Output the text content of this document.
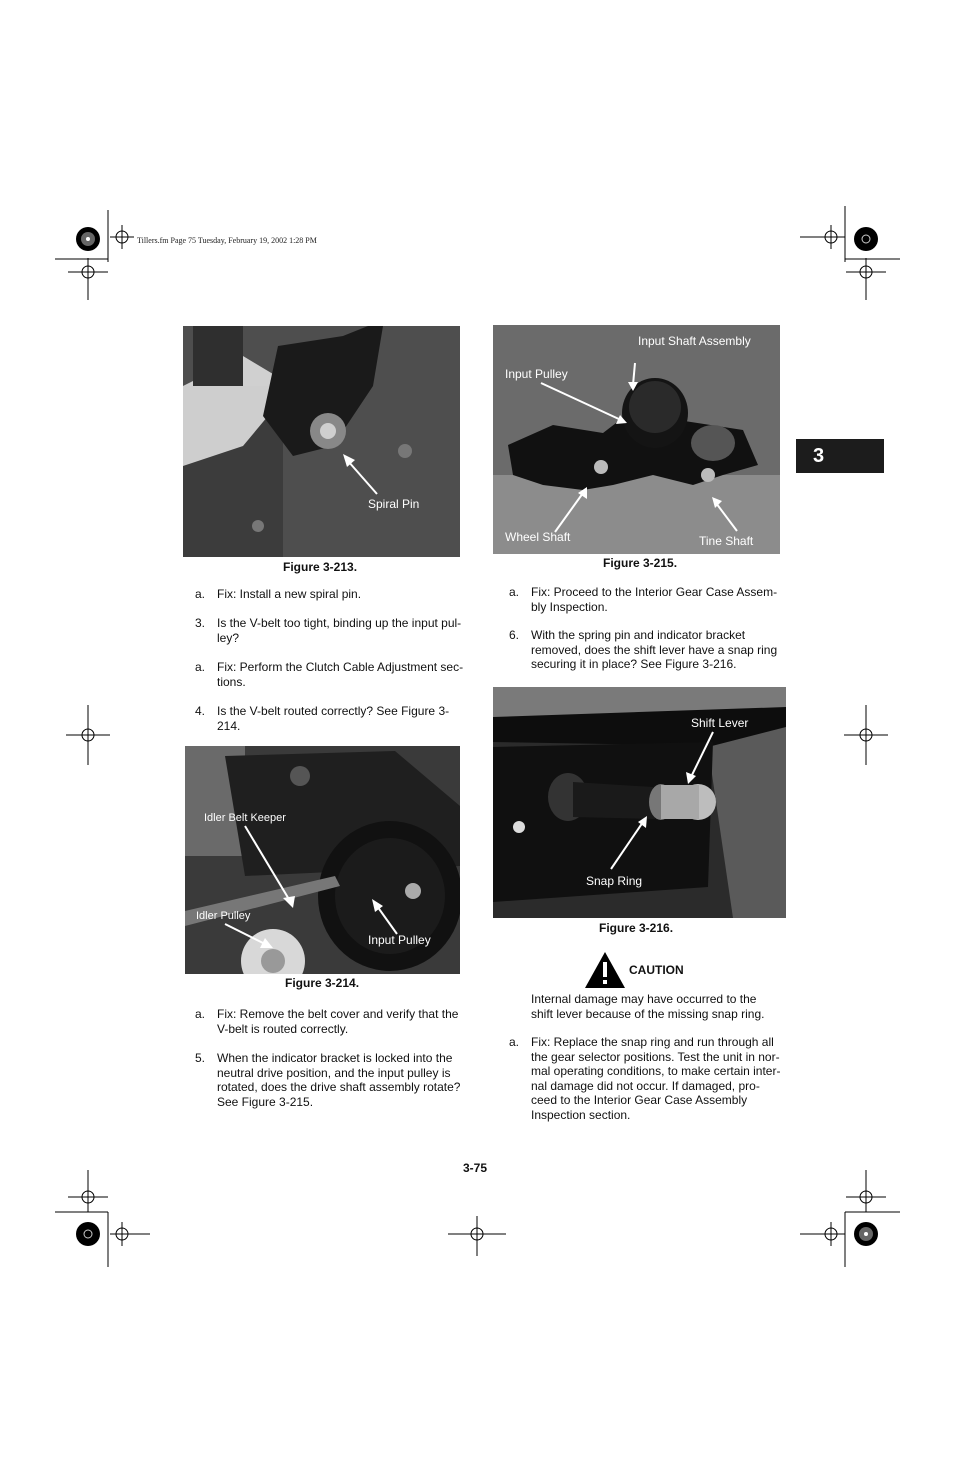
Tillers.fm Page 75 Tuesday, February 19, 2002 1:28 PM
3
Spiral Pin
Figure 3-213.
Idler Belt Keeper
Idler Pulley
Input Pulley
Figure 3-214.
Input Shaft Assembly
Input Pulley
Wheel Shaft	Tine Shaft
Figure 3-215.
Shift Lever
Snap Ring
Figure 3-216.
a. Fix: Install a new spiral pin.
3. Is the V-belt too tight, binding up the input pul-
ley?
a. Fix: Perform the Clutch Cable Adjustment sec-
tions.
4. Is the V-belt routed correctly? See Figure 3-
214.
a. Fix: Remove the belt cover and verify that the
V-belt is routed correctly.
5. When the indicator bracket is locked into the
neutral drive position, and the input pulley is
rotated, does the drive shaft assembly rotate?
See Figure 3-215.
a. Fix: Proceed to the Interior Gear Case Assem-
bly Inspection.
6. With the spring pin and indicator bracket
removed, does the shift lever have a snap ring
securing it in place? See Figure 3-216.
CAUTION
Internal damage may have occurred to the
shift lever because of the missing snap ring.
a. Fix: Replace the snap ring and run through all
the gear selector positions. Test the unit in nor-
mal operating conditions, to make certain inter-
nal damage did not occur. If damaged, pro-
ceed to the Interior Gear Case Assembly
Inspection section.
3-75
